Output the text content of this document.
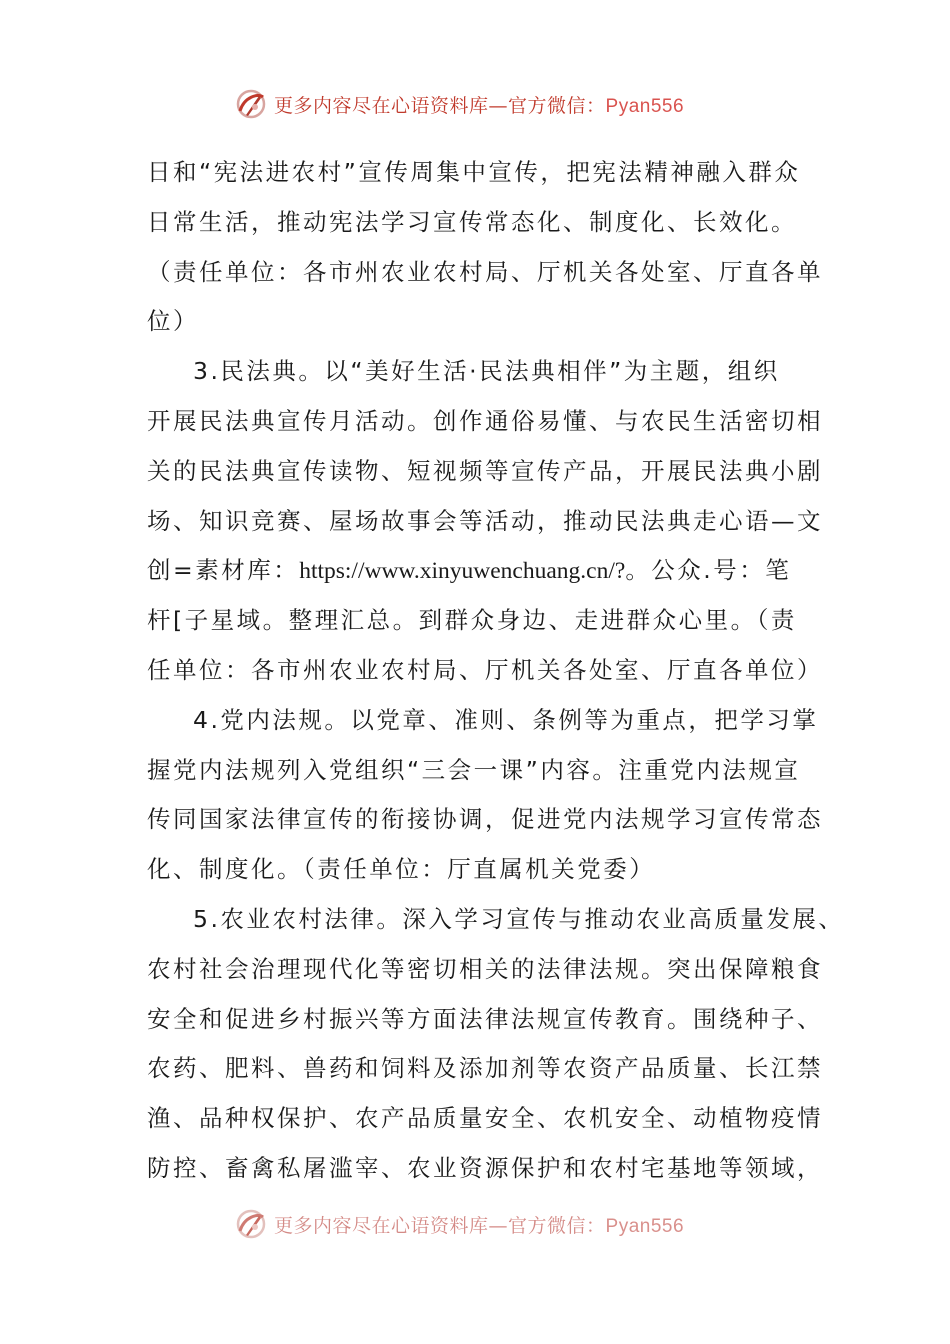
更多内容尽在心语资料库—官方微信：Pyan556
日和“宪法进农村”宣传周集中宣传，把宪法精神融入群众
日常生活，推动宪法学习宣传常态化、制度化、长效化。
（责任单位：各市州农业农村局、厅机关各处室、厅直各单
位）
3.民法典。以“美好生活·民法典相伴”为主题，组织
开展民法典宣传月活动。创作通俗易懂、与农民生活密切相
关的民法典宣传读物、短视频等宣传产品，开展民法典小剧
场、知识竞赛、屋场故事会等活动，推动民法典走心语—文
创=素材库：https://www.xinyuwenchuang.cn/?。公众.号：笔
杆[子星域。整理汇总。到群众身边、走进群众心里。（责
任单位：各市州农业农村局、厅机关各处室、厅直各单位）
4.党内法规。以党章、准则、条例等为重点，把学习掌
握党内法规列入党组织“三会一课”内容。注重党内法规宣
传同国家法律宣传的衔接协调，促进党内法规学习宣传常态
化、制度化。（责任单位：厅直属机关党委）
5.农业农村法律。深入学习宣传与推动农业高质量发展、
农村社会治理现代化等密切相关的法律法规。突出保障粮食
安全和促进乡村振兴等方面法律法规宣传教育。围绕种子、
农药、肥料、兽药和饲料及添加剂等农资产品质量、长江禁
渔、品种权保护、农产品质量安全、农机安全、动植物疫情
防控、畜禽私屠滥宰、农业资源保护和农村宅基地等领域，
更多内容尽在心语资料库—官方微信：Pyan556
